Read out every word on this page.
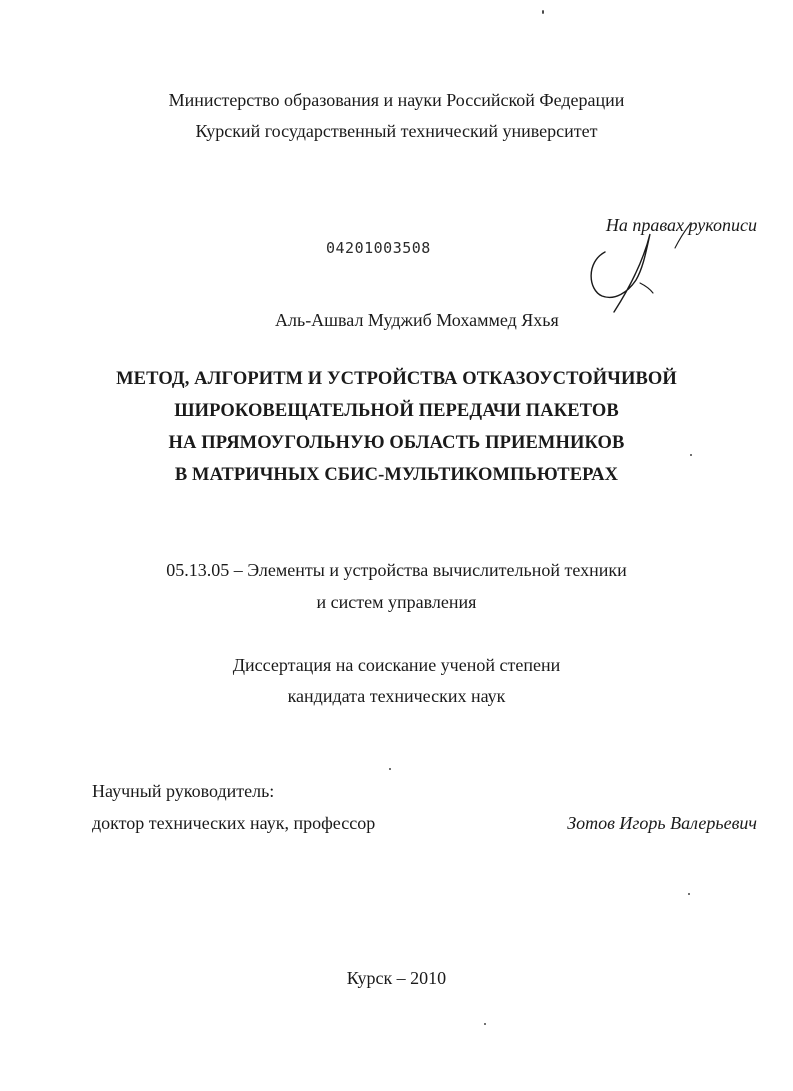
Министерство образования и науки Российской Федерации
Курский государственный технический университет
На правах рукописи
04201003508
Аль-Ашвал Муджиб Мохаммед Яхья
МЕТОД, АЛГОРИТМ И УСТРОЙСТВА ОТКАЗОУСТОЙЧИВОЙ
ШИРОКОВЕЩАТЕЛЬНОЙ ПЕРЕДАЧИ ПАКЕТОВ
НА ПРЯМОУГОЛЬНУЮ ОБЛАСТЬ ПРИЕМНИКОВ
В МАТРИЧНЫХ СБИС-МУЛЬТИКОМПЬЮТЕРАХ
05.13.05 – Элементы и устройства вычислительной техники
и систем управления
Диссертация на соискание ученой степени
кандидата технических наук
Научный руководитель:
доктор технических наук, профессор	Зотов Игорь Валерьевич
Курск – 2010
